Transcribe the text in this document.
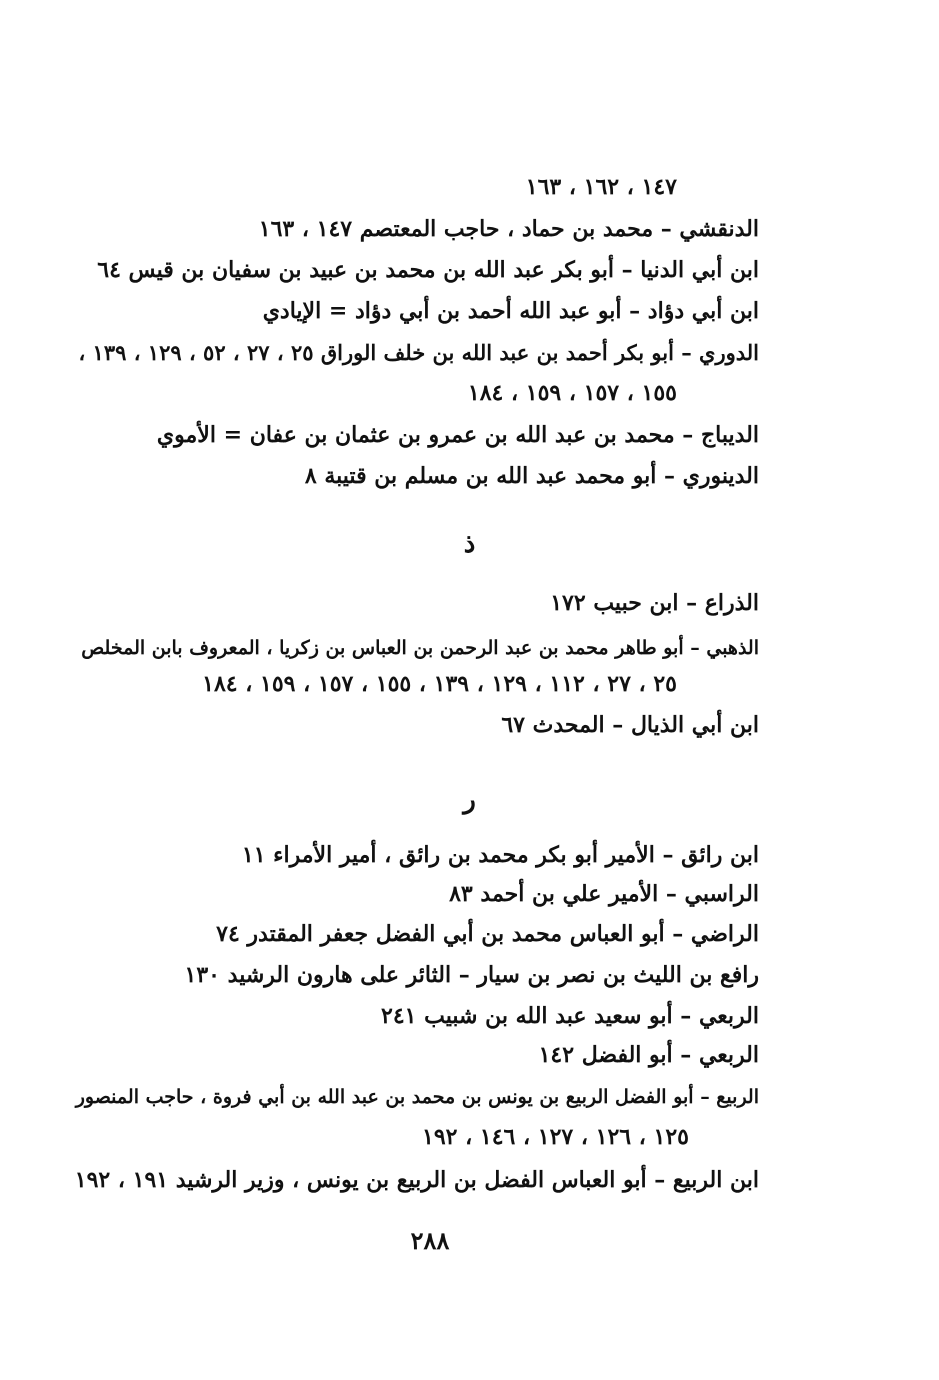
١٤٧ ، ١٦٢ ، ١٦٣
الدنقشي – محمد بن حماد ، حاجب المعتصم ١٤٧ ، ١٦٣
ابن أبي الدنيا – أبو بكر عبد الله بن محمد بن عبيد بن سفيان بن قيس ٦٤
ابن أبي دؤاد – أبو عبد الله أحمد بن أبي دؤاد = الإيادي
الدوري – أبو بكر أحمد بن عبد الله بن خلف الوراق ٢٥ ، ٢٧ ، ٥٢ ، ١٢٩ ، ١٣٩ ،
١٥٥ ، ١٥٧ ، ١٥٩ ، ١٨٤
الديباج – محمد بن عبد الله بن عمرو بن عثمان بن عفان = الأموي
الدينوري – أبو محمد عبد الله بن مسلم بن قتيبة ٨
ذ
الذراع – ابن حبيب ١٧٢
الذهبي – أبو طاهر محمد بن عبد الرحمن بن العباس بن زكريا ، المعروف بابن المخلص
٢٥ ، ٢٧ ، ١١٢ ، ١٢٩ ، ١٣٩ ، ١٥٥ ، ١٥٧ ، ١٥٩ ، ١٨٤
ابن أبي الذيال – المحدث ٦٧
ر
ابن رائق – الأمير أبو بكر محمد بن رائق ، أمير الأمراء ١١
الراسبي – الأمير علي بن أحمد ٨٣
الراضي – أبو العباس محمد بن أبي الفضل جعفر المقتدر ٧٤
رافع بن الليث بن نصر بن سيار – الثائر على هارون الرشيد ١٣٠
الربعي – أبو سعيد عبد الله بن شبيب ٢٤١
الربعي – أبو الفضل ١٤٢
الربيع – أبو الفضل الربيع بن يونس بن محمد بن عبد الله بن أبي فروة ، حاجب المنصور
١٢٥ ، ١٢٦ ، ١٢٧ ، ١٤٦ ، ١٩٢
ابن الربيع – أبو العباس الفضل بن الربيع بن يونس ، وزير الرشيد ١٩١ ، ١٩٢
٢٨٨
